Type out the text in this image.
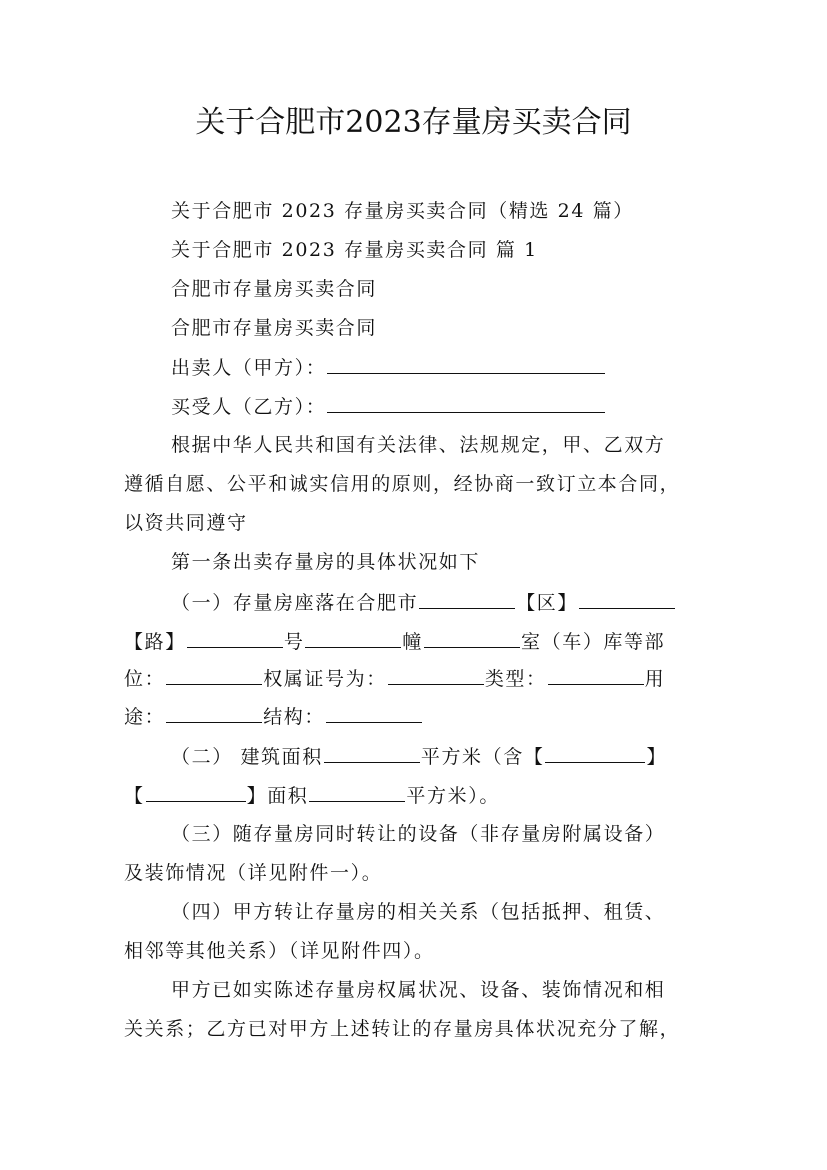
关于合肥市2023存量房买卖合同
关于合肥市 2023 存量房买卖合同（精选 24 篇）
关于合肥市 2023 存量房买卖合同 篇 1
合肥市存量房买卖合同
合肥市存量房买卖合同
出卖人（甲方）：
买受人（乙方）：
根据中华人民共和国有关法律、法规规定，甲、乙双方
遵循自愿、公平和诚实信用的原则，经协商一致订立本合同，
以资共同遵守
第一条出卖存量房的具体状况如下
（一）存量房座落在合肥市	【区】
【路】	号	幢	室（车）库等部
位：	权属证号为：	类型：	用
途：	结构：
（二） 建筑面积	平方米（含【	】
【	】面积	平方米）。
（三）随存量房同时转让的设备（非存量房附属设备）
及装饰情况（详见附件一）。
（四）甲方转让存量房的相关关系（包括抵押、租赁、
相邻等其他关系）（详见附件四）。
甲方已如实陈述存量房权属状况、设备、装饰情况和相
关关系；乙方已对甲方上述转让的存量房具体状况充分了解，
